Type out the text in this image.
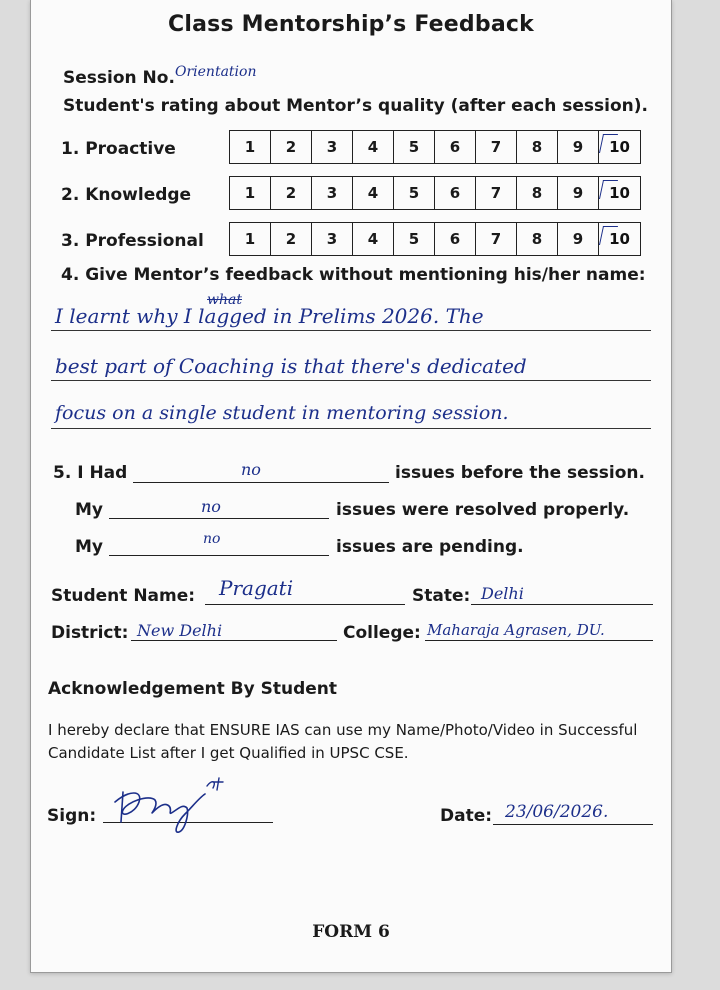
Class Mentorship’s Feedback
Session No. Orientation
Student's rating about Mentor’s quality (after each session).
1. Proactive	1	2	3	4	5	6	7	8	9	10
2. Knowledge	1	2	3	4	5	6	7	8	9	10
3. Professional	1	2	3	4	5	6	7	8	9	10
4. Give Mentor’s feedback without mentioning his/her name:
what
I learnt why I lagged in Prelims 2026. The
best part of Coaching is that there's dedicated
focus on a single student in mentoring session.
5. I Had	no	issues before the session.
My	no	issues were resolved properly.
My	no	issues are pending.
Student Name: Pragati	State: Delhi
District: New Delhi	College: Maharaja Agrasen, DU.
Acknowledgement By Student
I hereby declare that ENSURE IAS can use my Name/Photo/Video in Successful
Candidate List after I get Qualified in UPSC CSE.
Sign:	Date: 23/06/2026.
FORM 6
